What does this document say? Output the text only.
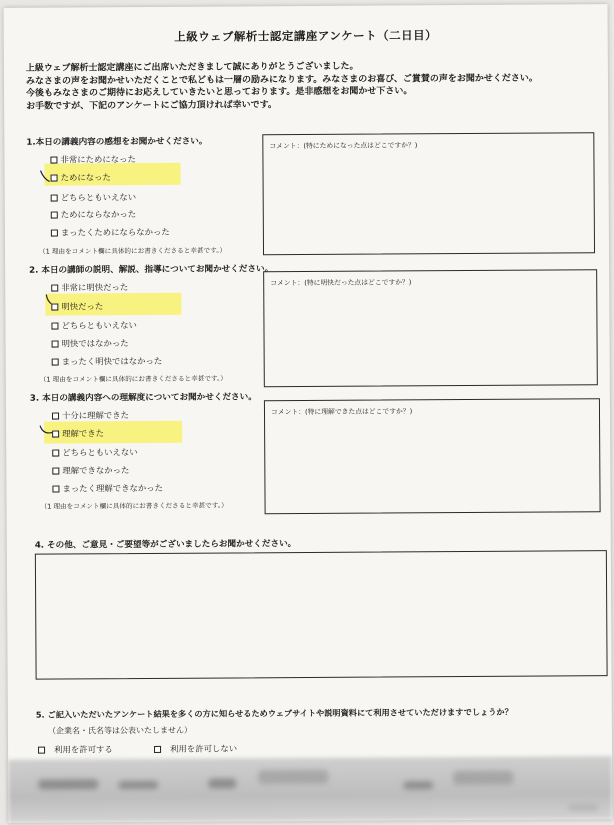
上級ウェブ解析士認定講座アンケート（二日目）
上級ウェブ解析士認定講座にご出席いただきまして誠にありがとうございました。
みなさまの声をお聞かせいただくことで私どもは一層の励みになります。みなさまのお喜び、ご賞賛の声をお聞かせください。
今後もみなさまのご期待にお応えしていきたいと思っております。是非感想をお聞かせ下さい。
お手数ですが、下記のアンケートにご協力頂ければ幸いです。
1.本日の講義内容の感想をお聞かせください。
非常にためになった
ためになった
どちらともいえない
ためにならなかった
まったくためにならなかった
（1 理由をコメント欄に具体的にお書きくださると幸甚です。）
コメント：(特にためになった点はどこですか？)
2. 本日の講師の説明、解説、指導についてお聞かせください。
非常に明快だった
明快だった
どちらともいえない
明快ではなかった
まったく明快ではなかった
（1 理由をコメント欄に具体的にお書きくださると幸甚です。）
コメント：(特に明快だった点はどこですか？)
3. 本日の講義内容への理解度についてお聞かせください。
十分に理解できた
理解できた
どちらともいえない
理解できなかった
まったく理解できなかった
（1 理由をコメント欄に具体的にお書きくださると幸甚です。）
コメント：(特に理解できた点はどこですか？)
4. その他、ご意見・ご要望等がございましたらお聞かせください。
5. ご記入いただいたアンケート結果を多くの方に知らせるためウェブサイトや説明資料にて利用させていただけますでしょうか？
（企業名・氏名等は公表いたしません）
利用を許可する	利用を許可しない
